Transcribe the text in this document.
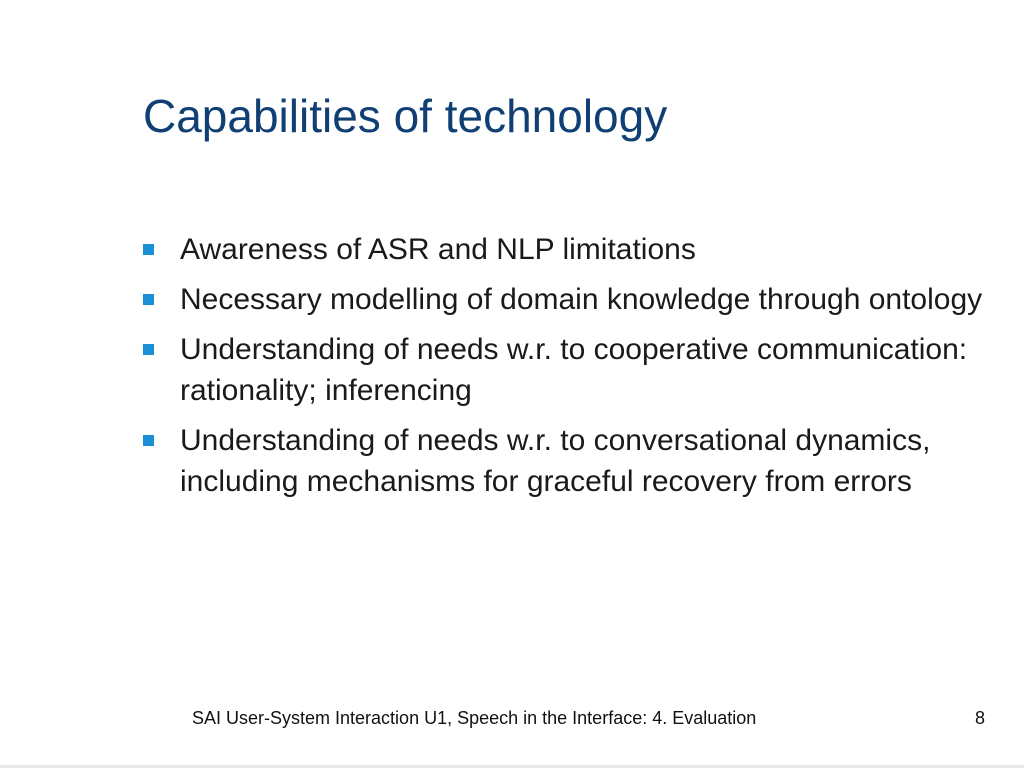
Capabilities of technology
Awareness of ASR and NLP limitations
Necessary modelling of domain knowledge through ontology
Understanding of needs w.r. to cooperative communication: rationality; inferencing
Understanding of needs w.r. to conversational dynamics, including mechanisms for graceful recovery from errors
SAI User-System Interaction U1, Speech in the Interface: 4. Evaluation	8
